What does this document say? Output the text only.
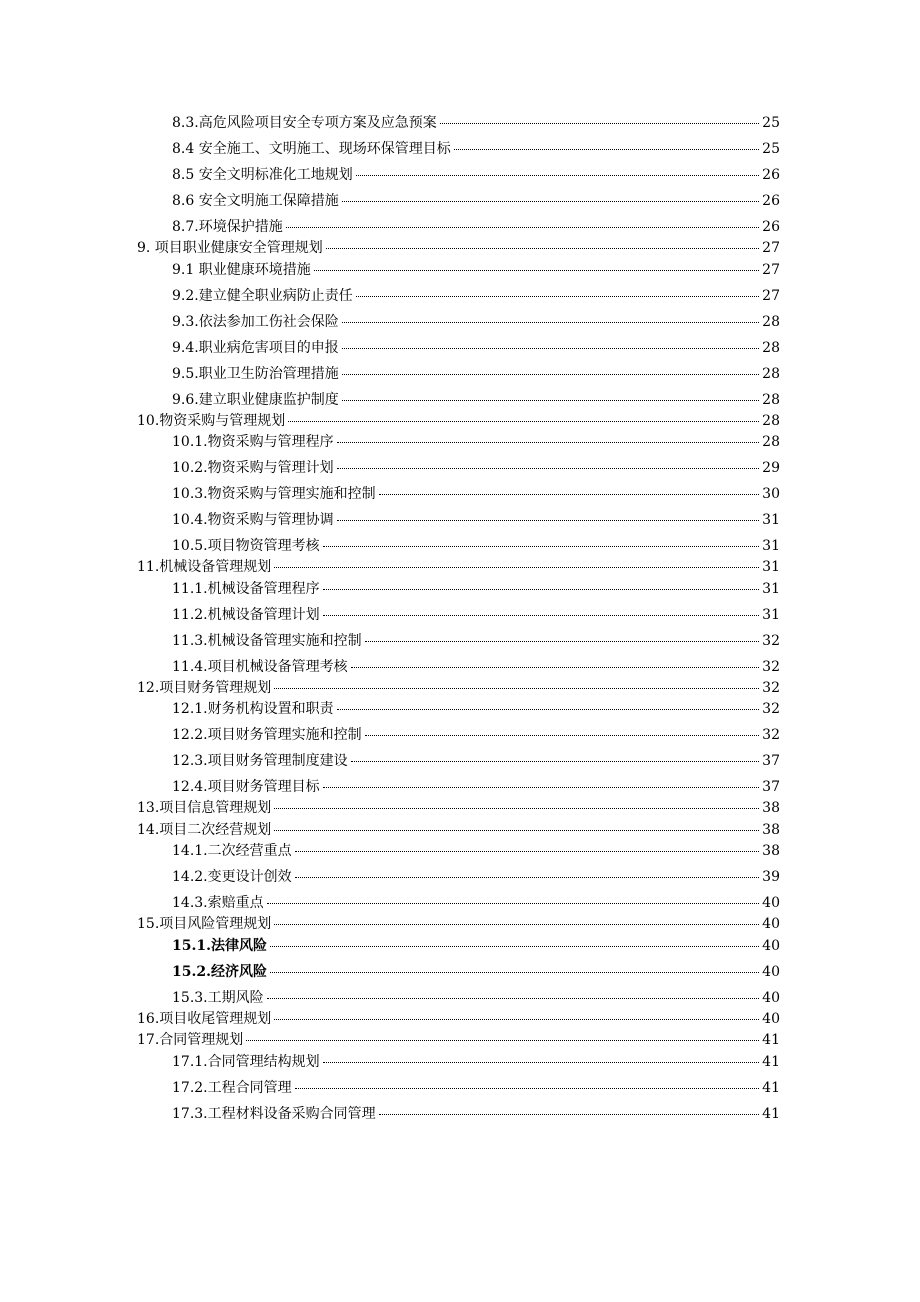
8.3.高危风险项目安全专项方案及应急预案	25
8.4 安全施工、文明施工、现场环保管理目标	25
8.5 安全文明标准化工地规划	26
8.6 安全文明施工保障措施	26
8.7.环境保护措施	26
9. 项目职业健康安全管理规划	27
9.1 职业健康环境措施	27
9.2.建立健全职业病防止责任	27
9.3.依法参加工伤社会保险	28
9.4.职业病危害项目的申报	28
9.5.职业卫生防治管理措施	28
9.6.建立职业健康监护制度	28
10.物资采购与管理规划	28
10.1.物资采购与管理程序	28
10.2.物资采购与管理计划	29
10.3.物资采购与管理实施和控制	30
10.4.物资采购与管理协调	31
10.5.项目物资管理考核	31
11.机械设备管理规划	31
11.1.机械设备管理程序	31
11.2.机械设备管理计划	31
11.3.机械设备管理实施和控制	32
11.4.项目机械设备管理考核	32
12.项目财务管理规划	32
12.1.财务机构设置和职责	32
12.2.项目财务管理实施和控制	32
12.3.项目财务管理制度建设	37
12.4.项目财务管理目标	37
13.项目信息管理规划	38
14.项目二次经营规划	38
14.1.二次经营重点	38
14.2.变更设计创效	39
14.3.索赔重点	40
15.项目风险管理规划	40
15.1.法律风险	40
15.2.经济风险	40
15.3.工期风险	40
16.项目收尾管理规划	40
17.合同管理规划	41
17.1.合同管理结构规划	41
17.2.工程合同管理	41
17.3.工程材料设备采购合同管理	41
